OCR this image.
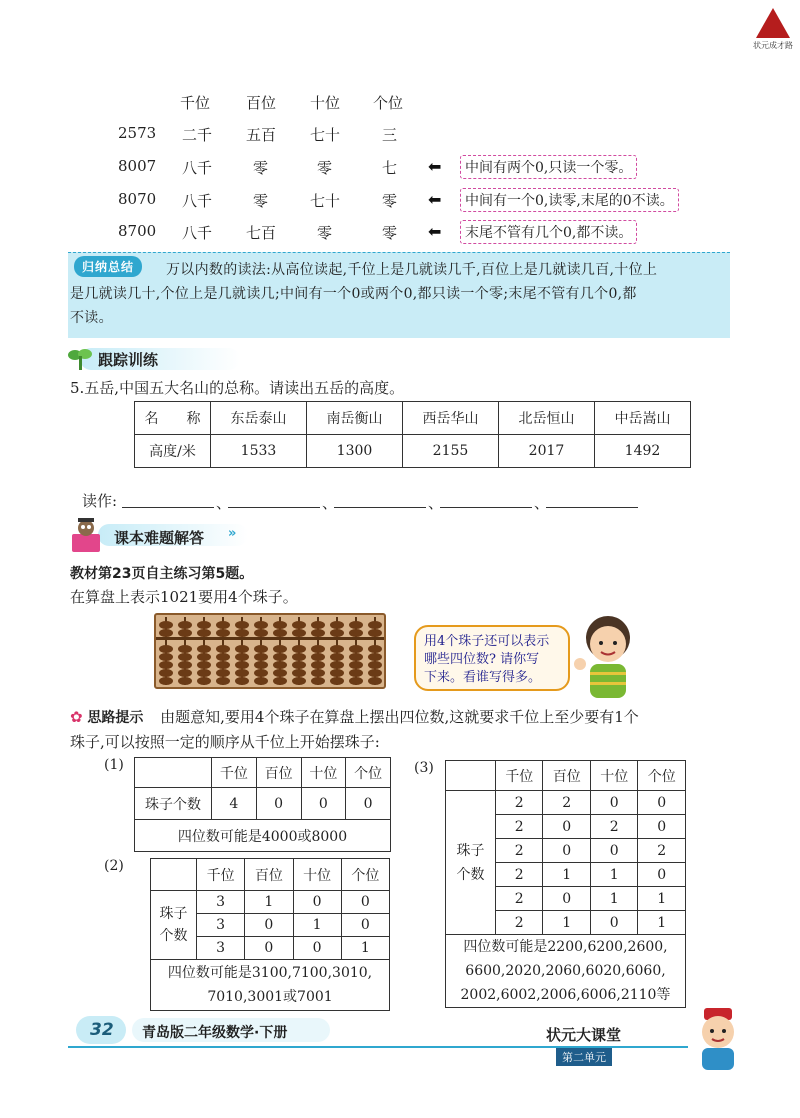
状元成才路
千位 百位 十位 个位
2573 二千 五百 七十	三
8007 八千	零	零	七 ⬅	中间有两个0,只读一个零。
8070 八千	零	七十	零 ⬅	中间有一个0,读零,末尾的0不读。
8700 八千 七百	零	零 ⬅	末尾不管有几个0,都不读。
归纳总结	万以内数的读法:从高位读起,千位上是几就读几千,百位上是几就读几百,十位上
是几就读几十,个位上是几就读几;中间有一个0或两个0,都只读一个零;末尾不管有几个0,都
不读。
跟踪训练
5.五岳,中国五大名山的总称。请读出五岳的高度。
名　　称	东岳泰山	南岳衡山	西岳华山	北岳恒山	中岳嵩山
高度/米	1533	1300	2155	2017	1492
读作:	、	、	、	、
课本难题解答 »
教材第23页自主练习第5题。
在算盘上表示1021要用4个珠子。
用4个珠子还可以表示
哪些四位数? 请你写
下来。看谁写得多。
✿ 思路提示 由题意知,要用4个珠子在算盘上摆出四位数,这就要求千位上至少要有1个
珠子,可以按照一定的顺序从千位上开始摆珠子:
(1)
	千位	百位	十位	个位
珠子个数	4	0	0	0
四位数可能是4000或8000				
(2)
	千位	百位	十位	个位

珠子
个数	3	1	0	0
	3	0	1	0
	3	0	0	1

四位数可能是3100,7100,3010,
7010,3001或7001				
(3)
	千位	百位	十位	个位

珠子
个数	2	2	0	0
	2	0	2	0
	2	0	0	2
	2	1	1	0
	2	0	1	1
	2	1	0	1

四位数可能是2200,6200,2600,
6600,2020,2060,6020,6060,
2002,6002,2006,6006,2110等				
32 青岛版二年级数学·下册	状元大课堂
第二单元
